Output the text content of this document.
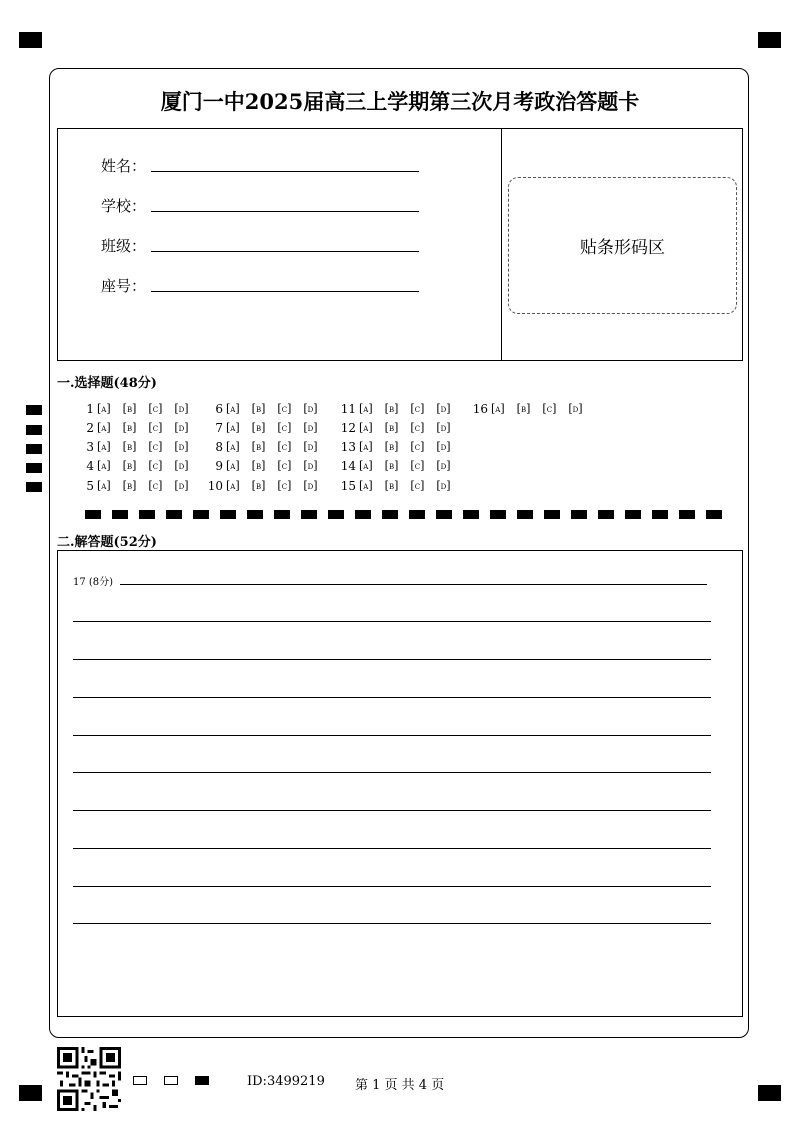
厦门一中2025届高三上学期第三次月考政治答题卡
姓名：
学校：
班级：
座号：
贴条形码区
一.选择题(48分)
1 [A] [B] [C] [D]
2 [A] [B] [C] [D]
3 [A] [B] [C] [D]
4 [A] [B] [C] [D]
5 [A] [B] [C] [D]
6 [A] [B] [C] [D]
7 [A] [B] [C] [D]
8 [A] [B] [C] [D]
9 [A] [B] [C] [D]
10 [A] [B] [C] [D]
11 [A] [B] [C] [D]
12 [A] [B] [C] [D]
13 [A] [B] [C] [D]
14 [A] [B] [C] [D]
15 [A] [B] [C] [D]
16 [A] [B] [C] [D]
二.解答题(52分)
17 (8分)
ID:3499219 第 1 页 共 4 页
